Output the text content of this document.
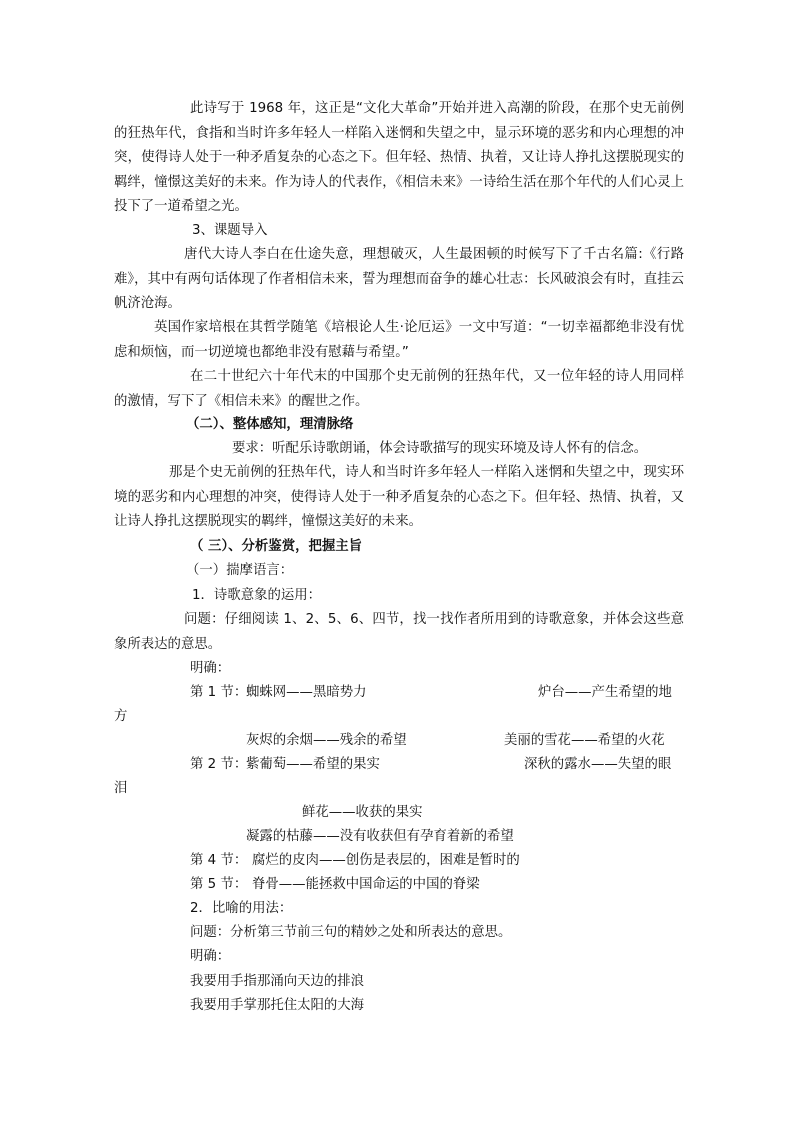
此诗写于 1968 年，这正是“文化大革命”开始并进入高潮的阶段，在那个史无前例的狂热年代，食指和当时许多年轻人一样陷入迷惘和失望之中，显示环境的恶劣和内心理想的冲突，使得诗人处于一种矛盾复杂的心态之下。但年轻、热情、执着，又让诗人挣扎这摆脱现实的羁绊，憧憬这美好的未来。作为诗人的代表作，《相信未来》一诗给生活在那个年代的人们心灵上投下了一道希望之光。

3、课题导入

唐代大诗人李白在仕途失意，理想破灭，人生最困顿的时候写下了千古名篇:《行路难》，其中有两句话体现了作者相信未来，誓为理想而奋争的雄心壮志：长风破浪会有时，直挂云帆济沧海。

英国作家培根在其哲学随笔《培根论人生·论厄运》一文中写道：“一切幸福都绝非没有忧虑和烦恼，而一切逆境也都绝非没有慰藉与希望。”

在二十世纪六十年代末的中国那个史无前例的狂热年代，又一位年轻的诗人用同样的激情，写下了《相信未来》的醒世之作。

（二）、整体感知，理清脉络

要求：听配乐诗歌朗诵，体会诗歌描写的现实环境及诗人怀有的信念。

那是个史无前例的狂热年代，诗人和当时许多年轻人一样陷入迷惘和失望之中，现实环境的恶劣和内心理想的冲突，使得诗人处于一种矛盾复杂的心态之下。但年轻、热情、执着，又让诗人挣扎这摆脱现实的羁绊，憧憬这美好的未来。

（ 三）、分析鉴赏，把握主旨

（一）揣摩语言：

1．诗歌意象的运用：

问题：仔细阅读 1、2、5、6、四节，找一找作者所用到的诗歌意象，并体会这些意象所表达的意思。

明确：

第 1 节：

蜘蛛网——黑暗势力	炉台——产生希望的地

方

灰烬的余烟——残余的希望	美丽的雪花——希望的火花

第 2 节：

紫葡萄——希望的果实	深秋的露水——失望的眼

泪

鲜花——收获的果实

凝露的枯藤——没有收获但有孕育着新的希望

第 4 节： 腐烂的皮肉——创伤是表层的，困难是暂时的

第 5 节： 脊骨——能拯救中国命运的中国的脊梁

2．比喻的用法：

问题：分析第三节前三句的精妙之处和所表达的意思。

明确：

我要用手指那涌向天边的排浪

我要用手掌那托住太阳的大海
